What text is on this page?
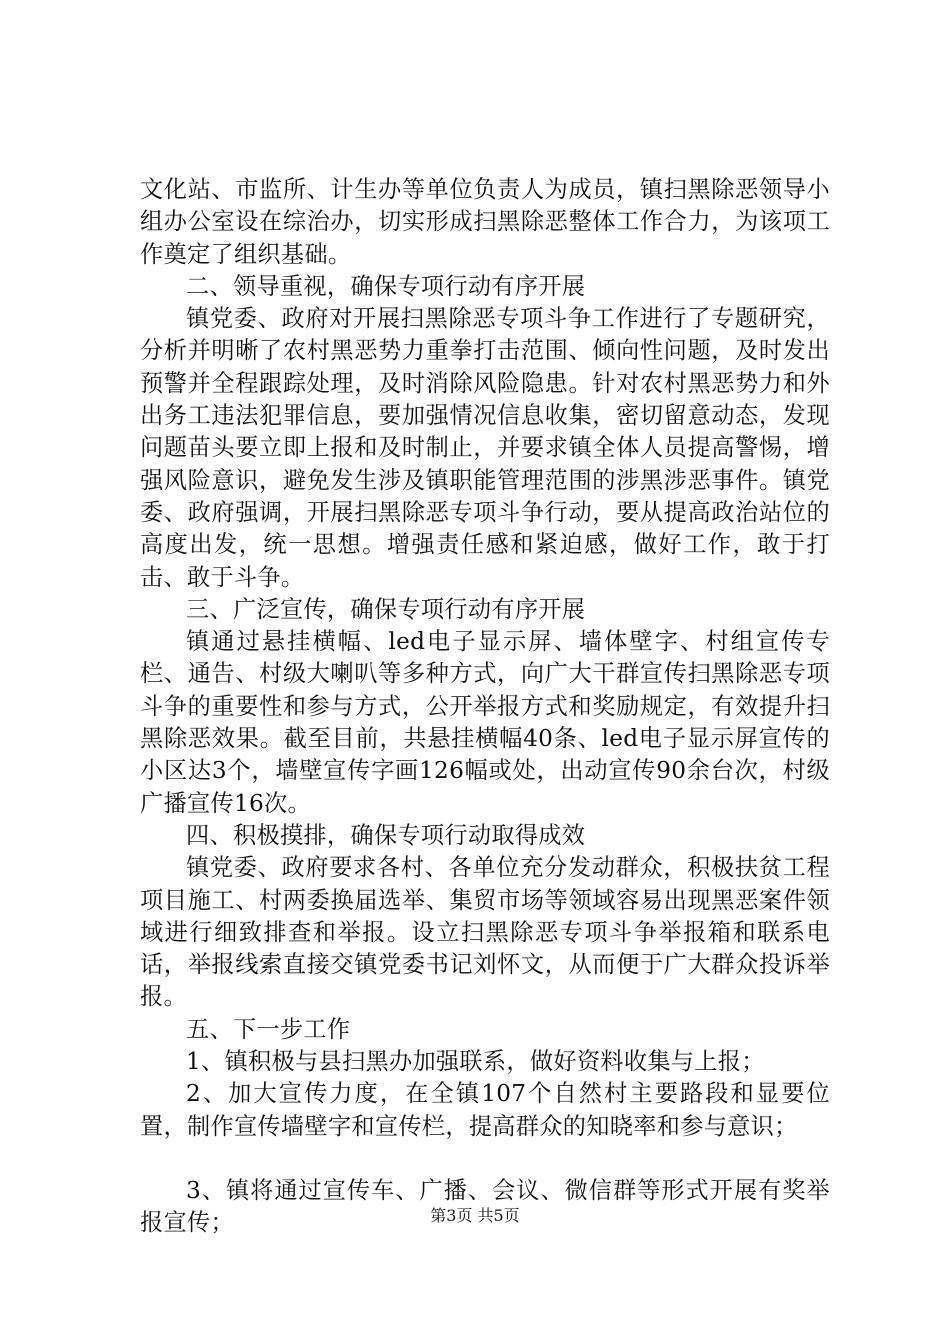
文化站、市监所、计生办等单位负责人为成员，镇扫黑除恶领导小组办公室设在综治办，切实形成扫黑除恶整体工作合力，为该项工作奠定了组织基础。

二、领导重视，确保专项行动有序开展

镇党委、政府对开展扫黑除恶专项斗争工作进行了专题研究，分析并明晰了农村黑恶势力重拳打击范围、倾向性问题，及时发出预警并全程跟踪处理，及时消除风险隐患。针对农村黑恶势力和外出务工违法犯罪信息，要加强情况信息收集，密切留意动态，发现问题苗头要立即上报和及时制止，并要求镇全体人员提高警惕，增强风险意识，避免发生涉及镇职能管理范围的涉黑涉恶事件。镇党委、政府强调，开展扫黑除恶专项斗争行动，要从提高政治站位的高度出发，统一思想。增强责任感和紧迫感，做好工作，敢于打击、敢于斗争。

三、广泛宣传，确保专项行动有序开展

镇通过悬挂横幅、led电子显示屏、墙体壁字、村组宣传专栏、通告、村级大喇叭等多种方式，向广大干群宣传扫黑除恶专项斗争的重要性和参与方式，公开举报方式和奖励规定，有效提升扫黑除恶效果。截至目前，共悬挂横幅40条、led电子显示屏宣传的小区达3个，墙壁宣传字画126幅或处，出动宣传90余台次，村级广播宣传16次。

四、积极摸排，确保专项行动取得成效

镇党委、政府要求各村、各单位充分发动群众，积极扶贫工程项目施工、村两委换届选举、集贸市场等领域容易出现黑恶案件领域进行细致排查和举报。设立扫黑除恶专项斗争举报箱和联系电话，举报线索直接交镇党委书记刘怀文，从而便于广大群众投诉举报。

五、下一步工作

1、镇积极与县扫黑办加强联系，做好资料收集与上报；

2、加大宣传力度，在全镇107个自然村主要路段和显要位置，制作宣传墙壁字和宣传栏，提高群众的知晓率和参与意识；

3、镇将通过宣传车、广播、会议、微信群等形式开展有奖举报宣传；	第3页 共5页
